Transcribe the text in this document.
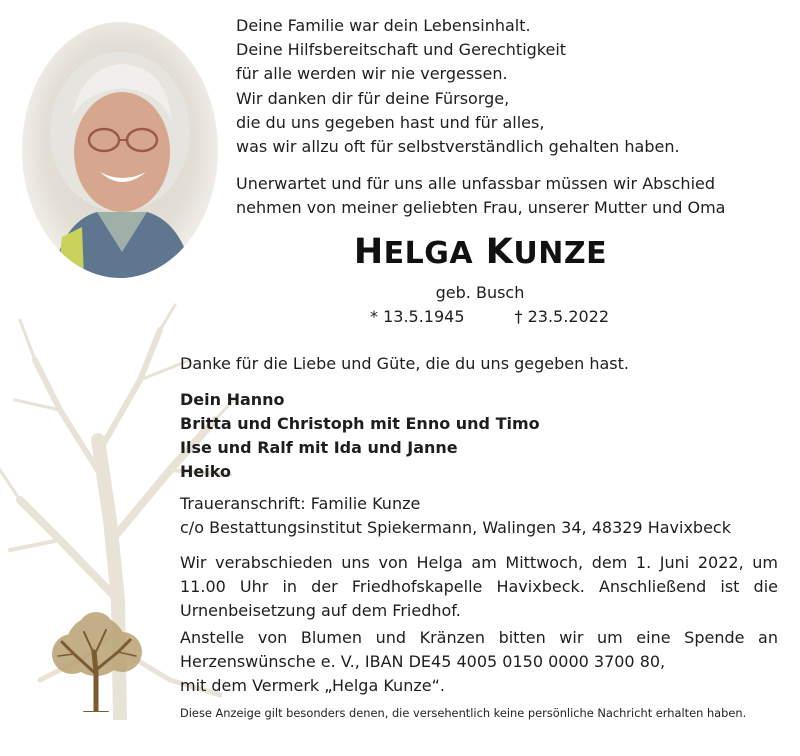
Deine Familie war dein Lebensinhalt.
Deine Hilfsbereitschaft und Gerechtigkeit
für alle werden wir nie vergessen.
Wir danken dir für deine Fürsorge,
die du uns gegeben hast und für alles,
was wir allzu oft für selbstverständlich gehalten haben.
Unerwartet und für uns alle unfassbar müssen wir Abschied
nehmen von meiner geliebten Frau, unserer Mutter und Oma
HELGA KUNZE
geb. Busch
* 13.5.1945	† 23.5.2022
Danke für die Liebe und Güte, die du uns gegeben hast.
Dein Hanno
Britta und Christoph mit Enno und Timo
Ilse und Ralf mit Ida und Janne
Heiko
Traueranschrift: Familie Kunze
c/o Bestattungsinstitut Spiekermann, Walingen 34, 48329 Havixbeck
Wir verabschieden uns von Helga am Mittwoch, dem 1. Juni 2022, um 11.00 Uhr in der Friedhofskapelle Havixbeck. Anschließend ist die Urnenbeisetzung auf dem Friedhof.
Anstelle von Blumen und Kränzen bitten wir um eine Spende an
Herzenswünsche e. V., IBAN DE45 4005 0150 0000 3700 80,
mit dem Vermerk „Helga Kunze“.
Diese Anzeige gilt besonders denen, die versehentlich keine persönliche Nachricht erhalten haben.
